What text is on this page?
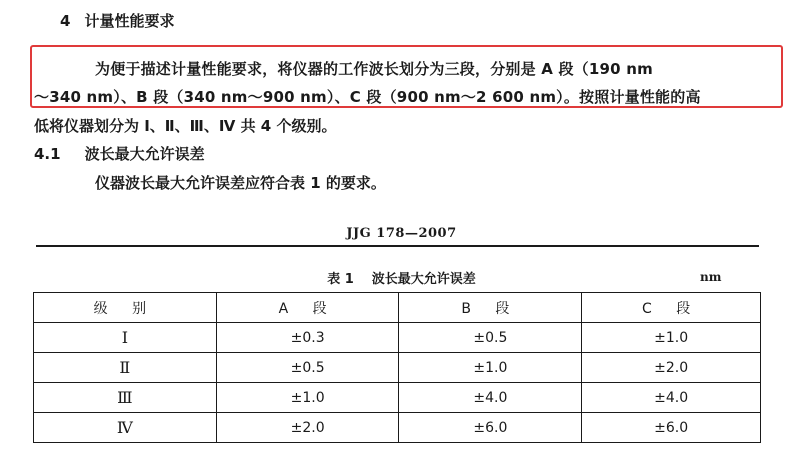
4 计量性能要求
为便于描述计量性能要求，将仪器的工作波长划分为三段，分别是 A 段（190 nm
～340 nm）、B 段（340 nm～900 nm）、C 段（900 nm～2 600 nm）。按照计量性能的高
低将仪器划分为 Ⅰ、Ⅱ、Ⅲ、Ⅳ 共 4 个级别。
4.1 波长最大允许误差
仪器波长最大允许误差应符合表 1 的要求。
JJG 178—2007
表 1 波长最大允许误差	nm
级 别	A 段	B 段	C 段
Ⅰ	±0.3	±0.5	±1.0
Ⅱ	±0.5	±1.0	±2.0
Ⅲ	±1.0	±4.0	±4.0
Ⅳ	±2.0	±6.0	±6.0
